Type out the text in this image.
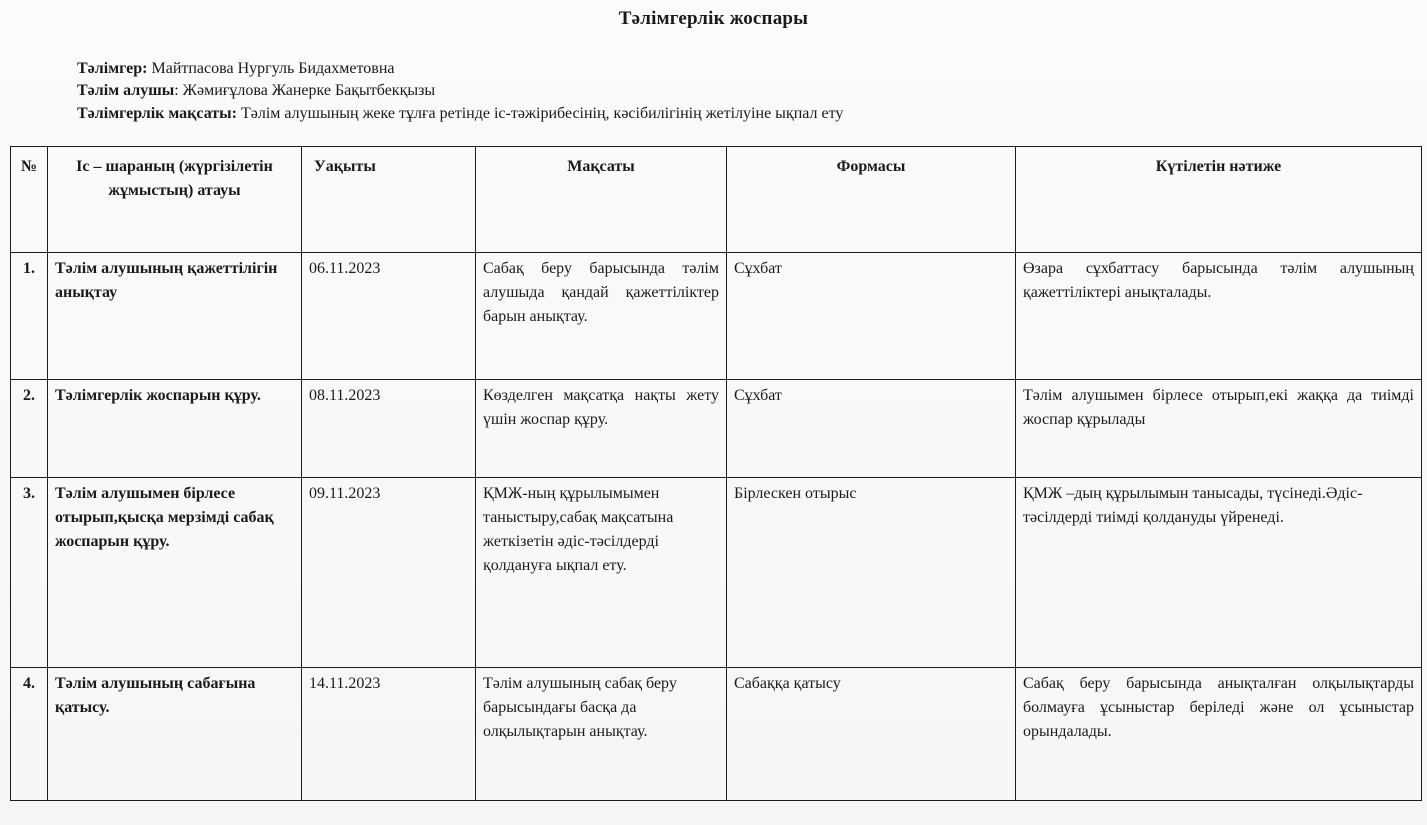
Тәлімгерлік жоспары
Тәлімгер: Майтпасова Нургуль Бидахметовна
Тәлім алушы: Жәмиғұлова Жанерке Бақытбекқызы
Тәлімгерлік мақсаты: Тәлім алушының жеке тұлға ретінде іс-тәжірибесінің, кәсібилігінің жетілуіне ықпал ету
№	Іс – шараның (жүргізілетін жұмыстың) атауы	Уақыты	Мақсаты	Формасы	Күтілетін нәтиже
1.	Тәлім алушының қажеттілігін анықтау	06.11.2023	Сабақ беру барысында тәлім алушыда қандай қажеттіліктер барын анықтау.	Сұхбат	Өзара сұхбаттасу барысында тәлім алушының қажеттіліктері анықталады.
2.	Тәлімгерлік жоспарын құру.	08.11.2023	Көзделген мақсатқа нақты жету үшін жоспар құру.	Сұхбат	Тәлім алушымен бірлесе отырып,екі жаққа да тиімді жоспар құрылады
3.	Тәлім алушымен бірлесе отырып,қысқа мерзімді сабақ жоспарын құру.	09.11.2023	ҚМЖ-ның құрылымымен таныстыру,сабақ мақсатына жеткізетін әдіс-тәсілдерді қолдануға ықпал ету.	Бірлескен отырыс	ҚМЖ –дың құрылымын танысады, түсінеді.Әдіс-тәсілдерді тиімді қолдануды үйренеді.
4.	Тәлім алушының сабағына қатысу.	14.11.2023	Тәлім алушының сабақ беру барысындағы басқа да олқылықтарын анықтау.	Сабаққа қатысу	Сабақ беру барысында анықталған олқылықтарды болмауға ұсыныстар беріледі және ол ұсыныстар орындалады.
